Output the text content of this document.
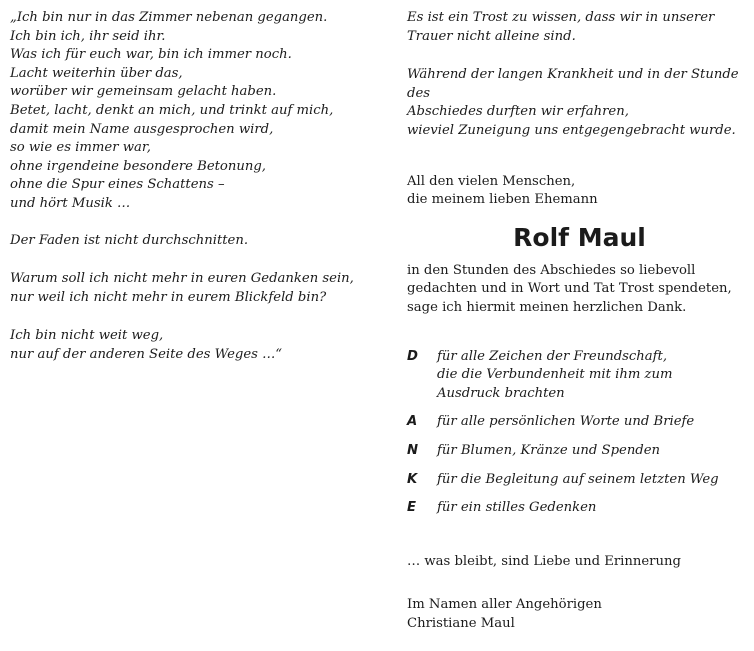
„Ich bin nur in das Zimmer nebenan gegangen.

Ich bin ich, ihr seid ihr.

Was ich für euch war, bin ich immer noch.

Lacht weiterhin über das,

worüber wir gemeinsam gelacht haben.

Betet, lacht, denkt an mich, und trinkt auf mich,

damit mein Name ausgesprochen wird,

so wie es immer war,

ohne irgendeine besondere Betonung,

ohne die Spur eines Schattens –

und hört Musik …

Der Faden ist nicht durchschnitten.

Warum soll ich nicht mehr in euren Gedanken sein,

nur weil ich nicht mehr in eurem Blickfeld bin?

Ich bin nicht weit weg,

nur auf der anderen Seite des Weges …“

Es ist ein Trost zu wissen, dass wir in unserer

Trauer nicht alleine sind.

Während der langen Krankheit und in der Stunde des

Abschiedes durften wir erfahren,

wieviel Zuneigung uns entgegengebracht wurde.

All den vielen Menschen,

die meinem lieben Ehemann

Rolf Maul

in den Stunden des Abschiedes so liebevoll

gedachten und in Wort und Tat Trost spendeten,

sage ich hiermit meinen herzlichen Dank.

D	für alle Zeichen der Freundschaft,
die die Verbundenheit mit ihm zum
Ausdruck brachten
A	für alle persönlichen Worte und Briefe
N	für Blumen, Kränze und Spenden
K	für die Begleitung auf seinem letzten Weg
E	für ein stilles Gedenken

… was bleibt, sind Liebe und Erinnerung

Im Namen aller Angehörigen

Christiane Maul
